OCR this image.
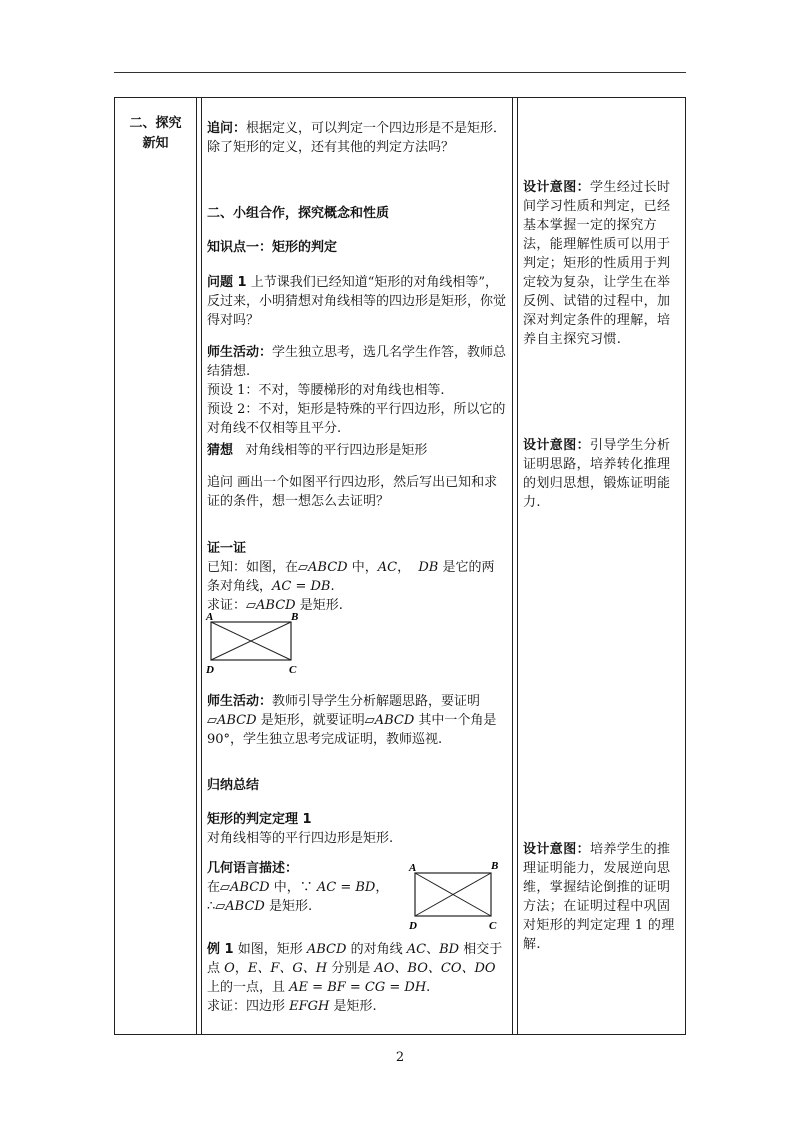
二、探究
新知
追问：根据定义，可以判定一个四边形是不是矩形．除了矩形的定义，还有其他的判定方法吗？
二、小组合作，探究概念和性质
知识点一：矩形的判定
问题 1 上节课我们已经知道“矩形的对角线相等”，反过来，小明猜想对角线相等的四边形是矩形，你觉得对吗？

师生活动：学生独立思考，选几名学生作答，教师总结猜想.

预设 1：不对，等腰梯形的对角线也相等.

预设 2：不对，矩形是特殊的平行四边形，所以它的对角线不仅相等且平分.

猜想 对角线相等的平行四边形是矩形
追问 画出一个如图平行四边形，然后写出已知和求证的条件，想一想怎么去证明？

证一证

已知：如图，在▱ABCD 中，AC， DB 是它的两条对角线，AC = DB.

求证：▱ABCD 是矩形.

A	B
C
D
师生活动：教师引导学生分析解题思路，要证明 ▱ABCD 是矩形，就要证明▱ABCD 其中一个角是 90°，学生独立思考完成证明，教师巡视.
归纳总结

矩形的判定定理 1

对角线相等的平行四边形是矩形.

几何语言描述：

在▱ABCD 中，∵ AC = BD，

∴▱ABCD 是矩形.

A	B
C
D
例 1 如图，矩形 ABCD 的对角线 AC、BD 相交于点 O，E、F、G、H 分别是 AO、BO、CO、DO 上的一点，且 AE = BF = CG = DH.
求证：四边形 EFGH 是矩形.
设计意图：学生经过长时间学习性质和判定，已经基本掌握一定的探究方法，能理解性质可以用于判定；矩形的性质用于判定较为复杂，让学生在举反例、试错的过程中，加深对判定条件的理解，培养自主探究习惯.
设计意图：引导学生分析证明思路，培养转化推理的划归思想，锻炼证明能力.
设计意图：培养学生的推理证明能力，发展逆向思维，掌握结论倒推的证明方法；在证明过程中巩固对矩形的判定定理 1 的理解.
2
